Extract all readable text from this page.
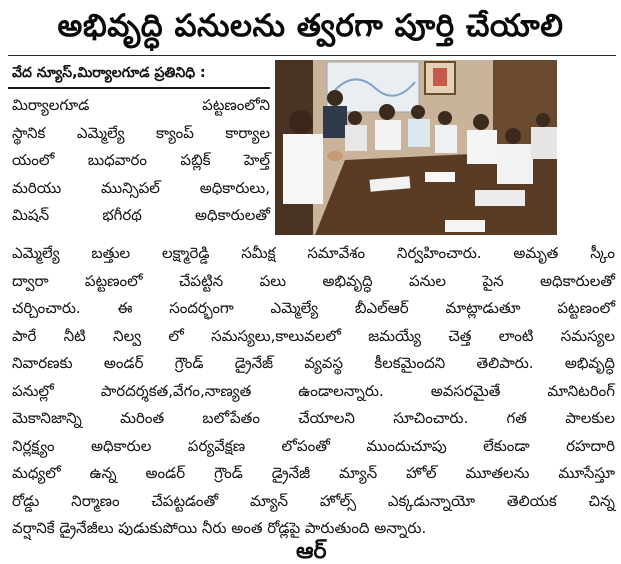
అభివృద్ధి పనులను త్వరగా పూర్తి చేయాలి
వేద న్యూస్,మిర్యాలగూడ ప్రతినిధి :
మిర్యాలగూడ పట్టణంలోని
స్థానిక ఎమ్మెల్యే క్యాంప్ కార్యాల
యంలో బుధవారం పబ్లిక్ హెల్త్
మరియు మున్సిపల్ అధికారులు,
మిషన్ భగీరథ అధికారులతో
ఎమ్మెల్యే బత్తుల లక్ష్మారెడ్డి సమీక్ష సమావేశం నిర్వహించారు. అమృత స్కీం
ద్వారా పట్టణంలో చేపట్టిన పలు అభివృద్ధి పనుల పైన అధికారులతో
చర్చించారు. ఈ సందర్భంగా ఎమ్మెల్యే బీఎల్ఆర్ మాట్లాడుతూ పట్టణంలో
పారే నీటి నిల్వ లో సమస్యలు,కాలువలలో జమయ్యే చెత్త లాంటి సమస్యల
నివారణకు అండర్ గ్రౌండ్ డ్రైనేజ్ వ్యవస్థ కీలకమైందని తెలిపారు. అభివృద్ధి
పనుల్లో పారదర్శకత,వేగం,నాణ్యత ఉండాలన్నారు. అవసరమైతే మానిటరింగ్
మెకానిజాన్ని మరింత బలోపేతం చేయాలని సూచించారు. గత పాలకుల
నిర్లక్ష్యం అధికారుల పర్యవేక్షణ లోపంతో ముందుచూపు లేకుండా రహదారి
మధ్యలో ఉన్న అండర్ గ్రౌండ్ డ్రైనేజీ మ్యాన్ హోల్ మూతలను మూసేస్తూ
రోడ్డు నిర్మాణం చేపట్టడంతో మ్యాన్ హోల్స్ ఎక్కడున్నాయో తెలియక చిన్న
వర్షానికే డ్రైనేజీలు పుడుకుపోయి నీరు అంత రోడ్లపై పారుతుంది అన్నారు.
ఆర్
